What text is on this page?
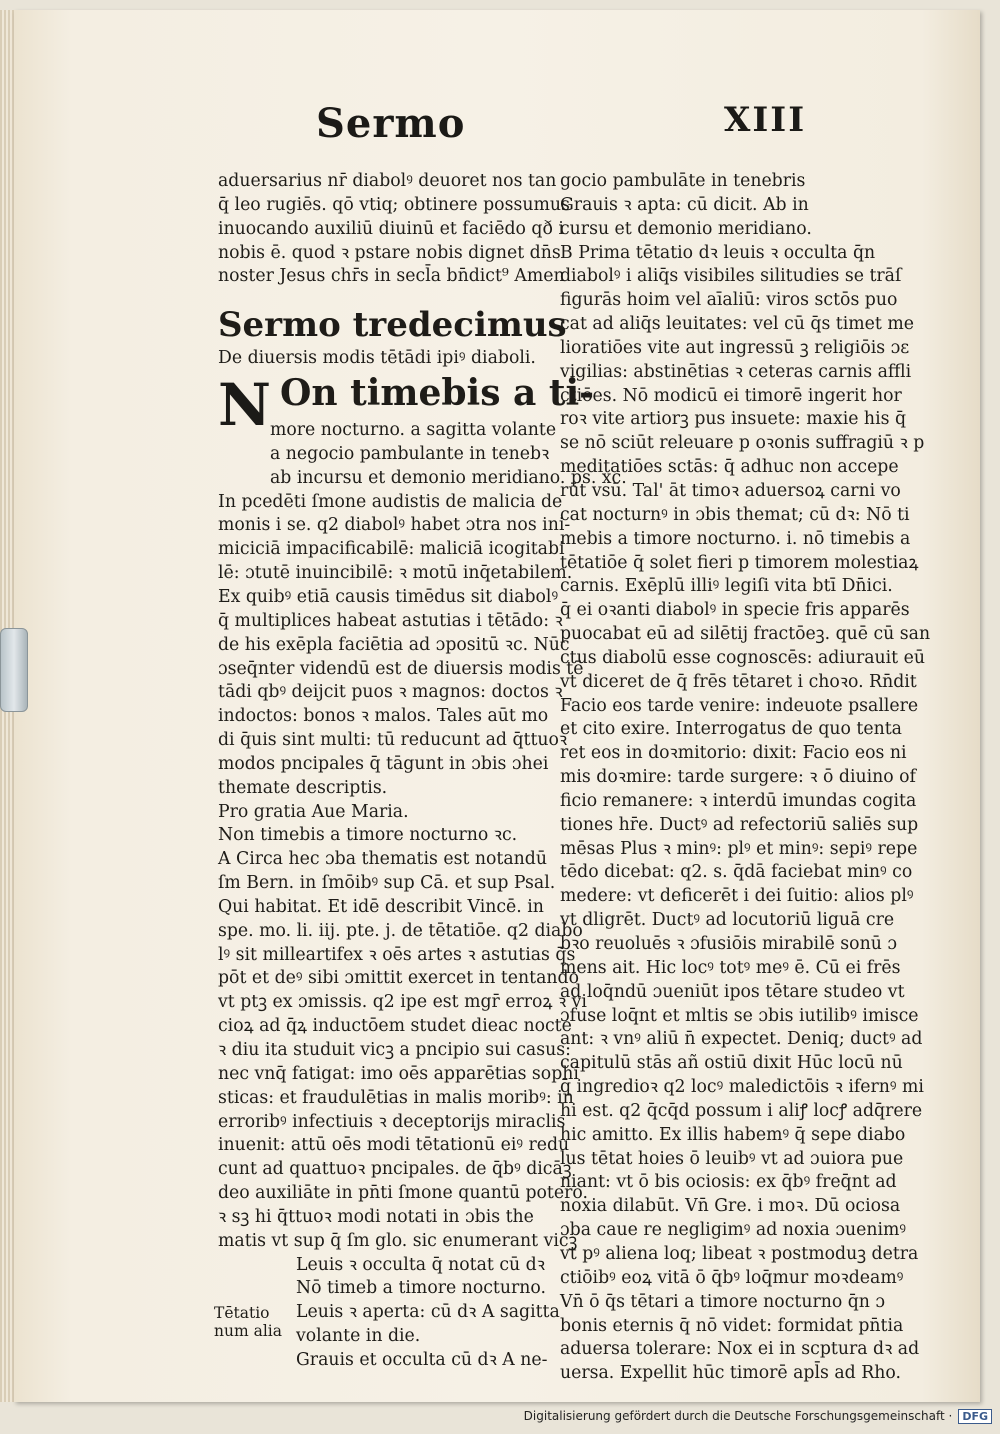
Sermo	XIII
aduersarius nr̄ diabolꝰ deuoret nos tan
q̄ leo rugiēs. qō vtiq; obtinere possumus
inuocando auxiliū diuinū et faciēdo qð i
nobis ē. quod ꝛ pstare nobis dignet dn̄s
noster Jesus chr̄s in secl̄a bn̄dict⁹ Amen
Sermo tredecimus
De diuersis modis tētādi ipiꝰ diaboli.
N On timebis a ti-
more nocturno. a sagitta volante
a negocio pambulante in tenebꝛ
ab incursu et demonio meridiano. ps. xc.
In pcedēti ſmone audistis de malicia de
monis i se. q2 diabolꝰ habet ɔtra nos ini-
miciciā impacificabilē: maliciā icogitabi
lē: ɔtutē inuincibilē: ꝛ motū inq̄etabilem.
Ex quibꝰ etiā causis timēdus sit diabolꝰ
q̄ multiplices habeat astutias i tētādo: ꝛ
de his exēpla faciētia ad ɔpositū ꝛc. Nūc
ɔseq̄nter videndū est de diuersis modis tē
tādi qbꝰ deijcit puos ꝛ magnos: doctos ꝛ
indoctos: bonos ꝛ malos. Tales aūt mo
di q̄uis sint multi: tū reducunt ad q̄ttuoꝛ
modos pncipales q̄ tāgunt in ɔbis ɔhei
themate descriptis.
Pro gratia Aue Maria.
Non timebis a timore nocturno ꝛc.
A Circa hec ɔba thematis est notandū
ſm Bern. in ſmōibꝰ sup Cā. et sup Psal.
Qui habitat. Et idē describit Vincē. in
spe. mo. li. iij. pte. j. de tētatiōe. q2 diabo
lꝰ sit milleartifex ꝛ oēs artes ꝛ astutias q̄s
pōt et deꝰ sibi ɔmittit exercet in tentando
vt ptꝫ ex ɔmissis. q2 ipe est mgr̄ erroꝝ ꝛ vi
cioꝝ ad q̄ꝝ inductōem studet dieac nocte
ꝛ diu ita studuit vicꝫ a pncipio sui casus:
nec vnq̄ fatigat: imo oēs apparētias sophi
sticas: et fraudulētias in malis moribꝰ: in
erroribꝰ infectiuis ꝛ deceptorijs miraclis
inuenit: attū oēs modi tētationū eiꝰ redu
cunt ad quattuoꝛ pncipales. de q̄bꝰ dicāꝫ
deo auxiliāte in pn̄ti ſmone quantū potero.
ꝛ sꝫ hi q̄ttuoꝛ modi notati in ɔbis the
matis vt sup q̄ ſm glo. sic enumerant vicꝫ
Leuis ꝛ occulta q̄ notat cū dꝛ
Nō timeb a timore nocturno.
Leuis ꝛ aperta: cū dꝛ A sagitta
volante in die.
Grauis et occulta cū dꝛ A ne-
Tētatio
num alia
gocio pambulāte in tenebris
Grauis ꝛ apta: cū dicit. Ab in
cursu et demonio meridiano.
B Prima tētatio dꝛ leuis ꝛ occulta q̄n
diabolꝰ i aliq̄s visibiles silitudies se trāſ
figurās hoim vel aīaliū: viros sctōs puo
cat ad aliq̄s leuitates: vel cū q̄s timet me
lioratiōes vite aut ingressū ꝫ religiōis ɔɛ
vigilias: abstinētias ꝛ ceteras carnis affli
ctiōes. Nō modicū ei timorē ingerit hor
roꝛ vite artiorꝫ pus insuete: maxie his q̄
se nō sciūt releuare p oꝛonis suffragiū ꝛ p
meditatiōes sctās: q̄ adhuc non accepe
rūt vsū. Tal' āt timoꝛ aduersoꝝ carni vo
cat nocturnꝰ in ɔbis themat; cū dꝛ: Nō ti
mebis a timore nocturno. i. nō timebis a
tētatiōe q̄ solet fieri p timorem molestiaꝝ
carnis. Exēplū illiꝰ legiſi vita btī Dn̄ici.
q̄ ei oꝛanti diabolꝰ in specie fris apparēs
puocabat eū ad silētij fractōeꝫ. quē cū san
ctus diabolū esse cognoscēs: adiurauit eū
vt diceret de q̄ frēs tētaret i choꝛo. Rn̄dit
Facio eos tarde venire: indeuote psallere
et cito exire. Interrogatus de quo tenta
ret eos in doꝛmitorio: dixit: Facio eos ni
mis doꝛmire: tarde surgere: ꝛ ō diuino of
ficio remanere: ꝛ interdū imundas cogita
tiones hr̄e. Ductꝰ ad refectoriū saliēs sup
mēsas Plus ꝛ minꝰ: plꝰ et minꝰ: sepiꝰ repe
tēdo dicebat: q2. s. q̄dā faciebat minꝰ co
medere: vt deficerēt i dei ſuitio: alios plꝰ
vt dligrēt. Ductꝰ ad locutoriū liguā cre
bꝛo reuoluēs ꝛ ɔfusiōis mirabilē sonū ɔ
mens ait. Hic locꝰ totꝰ meꝰ ē. Cū ei frēs
ad loq̄ndū ɔueniūt ipos tētare studeo vt
ɔfuse loq̄nt et mltis se ɔbis iutilibꝰ imisce
ant: ꝛ vnꝰ aliū n̄ expectet. Deniq; ductꝰ ad
capitulū stās añ ostiū dixit Hūc locū nū
q̄ ingredioꝛ q2 locꝰ maledictōis ꝛ ifernꝰ mi
hi est. q2 q̄cq̄d possum i aliꝭ locꝭ adq̄rere
hic amitto. Ex illis habemꝰ q̄ sepe diabo
lus tētat hoies ō leuibꝰ vt ad ɔuiora pue
niant: vt ō bis ociosis: ex q̄bꝰ freq̄nt ad
noxia dilabūt. Vn̄ Gre. i moꝛ. Dū ociosa
ɔba caue re negligimꝰ ad noxia ɔuenimꝰ
vt pꝰ aliena loq; libeat ꝛ postmoduꝫ detra
ctiōibꝰ eoꝝ vitā ō q̄bꝰ loq̄mur moꝛdeamꝰ
Vn̄ ō q̄s tētari a timore nocturno q̄n ɔ
bonis eternis q̄ nō videt: formidat pn̄tia
aduersa tolerare: Nox ei in scptura dꝛ ad
uersa. Expellit hūc timorē apl̄s ad Rho.
Digitalisierung gefördert durch die Deutsche Forschungsgemeinschaft · DFG
